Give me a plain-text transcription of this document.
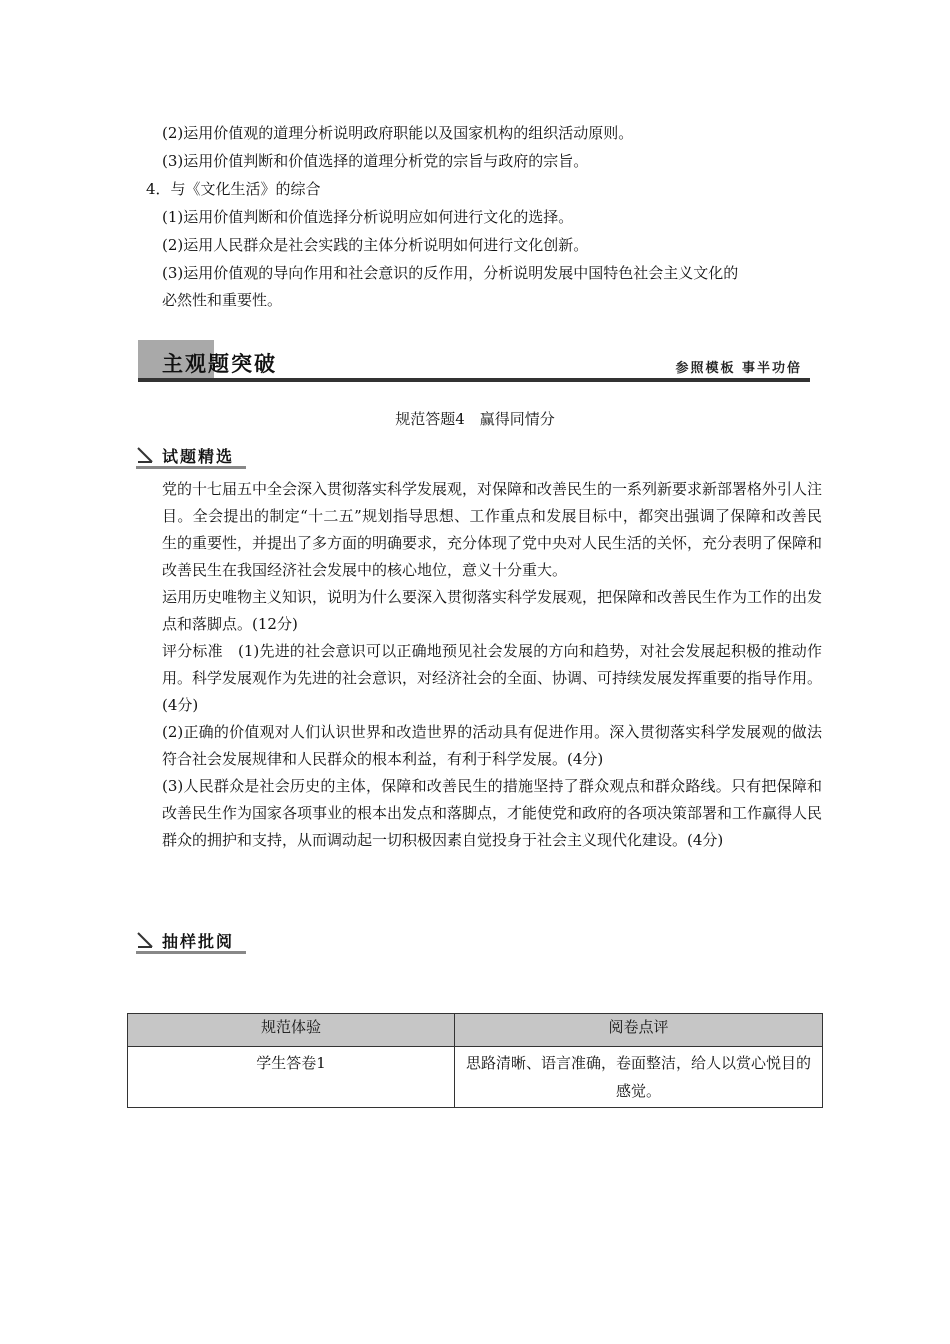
(2)运用价值观的道理分析说明政府职能以及国家机构的组织活动原则。
(3)运用价值判断和价值选择的道理分析党的宗旨与政府的宗旨。
4．与《文化生活》的综合
(1)运用价值判断和价值选择分析说明应如何进行文化的选择。
(2)运用人民群众是社会实践的主体分析说明如何进行文化创新。
(3)运用价值观的导向作用和社会意识的反作用，分析说明发展中国特色社会主义文化的
必然性和重要性。
主观题突破	参照模板 事半功倍
规范答题4　赢得同情分
试题精选

党的十七届五中全会深入贯彻落实科学发展观，对保障和改善民生的一系列新要求新部署格外引人注目。全会提出的制定“十二五”规划指导思想、工作重点和发展目标中，都突出强调了保障和改善民生的重要性，并提出了多方面的明确要求，充分体现了党中央对人民生活的关怀，充分表明了保障和改善民生在我国经济社会发展中的核心地位，意义十分重大。

运用历史唯物主义知识，说明为什么要深入贯彻落实科学发展观，把保障和改善民生作为工作的出发点和落脚点。(12分)

评分标准　(1)先进的社会意识可以正确地预见社会发展的方向和趋势，对社会发展起积极的推动作用。科学发展观作为先进的社会意识，对经济社会的全面、协调、可持续发展发挥重要的指导作用。(4分)

(2)正确的价值观对人们认识世界和改造世界的活动具有促进作用。深入贯彻落实科学发展观的做法符合社会发展规律和人民群众的根本利益，有利于科学发展。(4分)

(3)人民群众是社会历史的主体，保障和改善民生的措施坚持了群众观点和群众路线。只有把保障和改善民生作为国家各项事业的根本出发点和落脚点，才能使党和政府的各项决策部署和工作赢得人民群众的拥护和支持，从而调动起一切积极因素自觉投身于社会主义现代化建设。(4分)

抽样批阅
规范体验	阅卷点评
学生答卷1	思路清晰、语言准确，卷面整洁，给人以赏心悦目的感觉。
